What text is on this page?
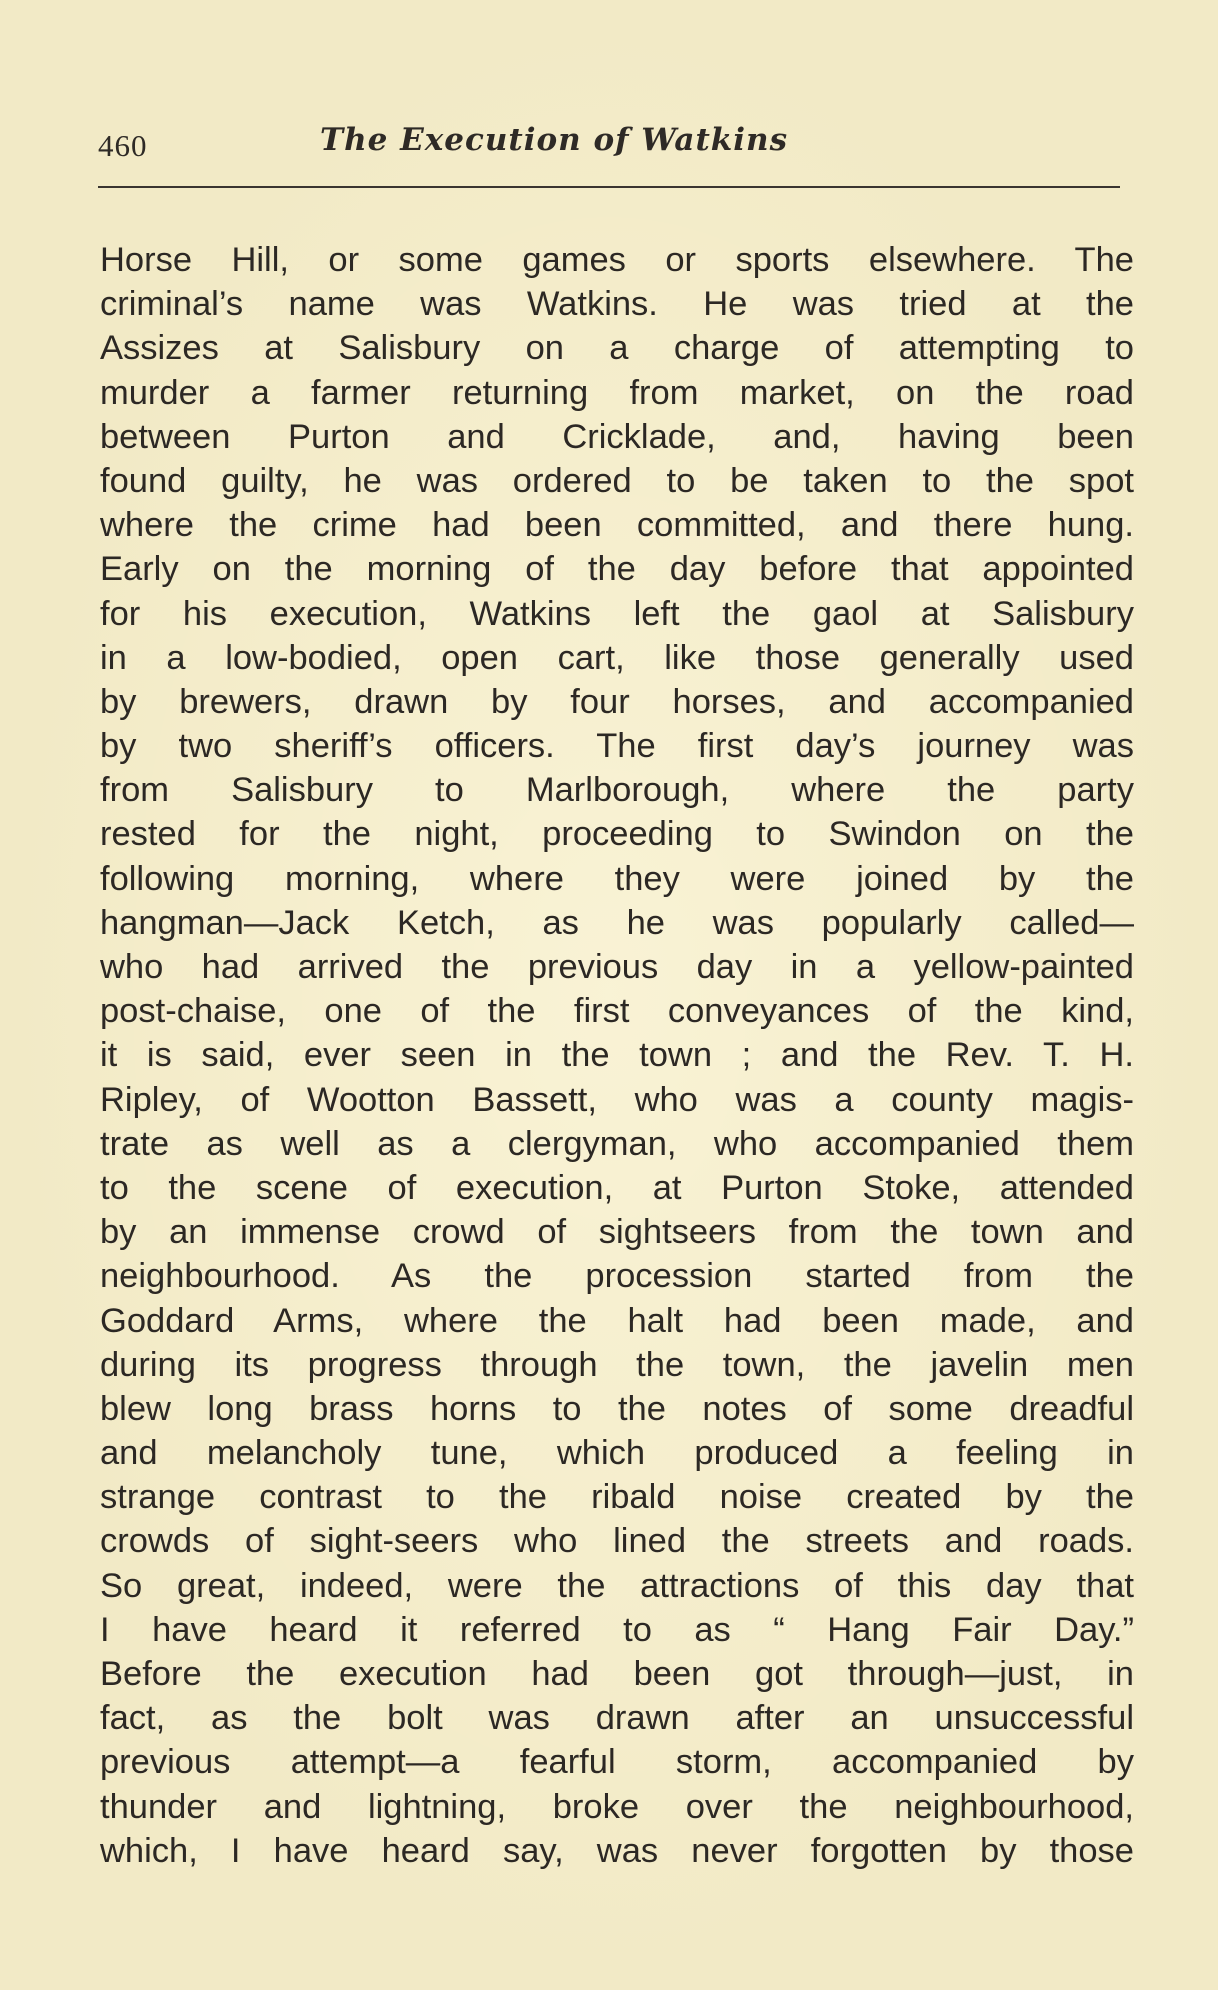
460	The Execution of Watkins
Horse Hill, or some games or sports elsewhere. The
criminal’s name was Watkins. He was tried at the
Assizes at Salisbury on a charge of attempting to
murder a farmer returning from market, on the road
between Purton and Cricklade, and, having been
found guilty, he was ordered to be taken to the spot
where the crime had been committed, and there hung.
Early on the morning of the day before that appointed
for his execution, Watkins left the gaol at Salisbury
in a low-bodied, open cart, like those generally used
by brewers, drawn by four horses, and accompanied
by two sheriff’s officers. The first day’s journey was
from Salisbury to Marlborough, where the party
rested for the night, proceeding to Swindon on the
following morning, where they were joined by the
hangman—Jack Ketch, as he was popularly called—
who had arrived the previous day in a yellow-painted
post-chaise, one of the first conveyances of the kind,
it is said, ever seen in the town ; and the Rev. T. H.
Ripley, of Wootton Bassett, who was a county magis-
trate as well as a clergyman, who accompanied them
to the scene of execution, at Purton Stoke, attended
by an immense crowd of sightseers from the town and
neighbourhood. As the procession started from the
Goddard Arms, where the halt had been made, and
during its progress through the town, the javelin men
blew long brass horns to the notes of some dreadful
and melancholy tune, which produced a feeling in
strange contrast to the ribald noise created by the
crowds of sight-seers who lined the streets and roads.
So great, indeed, were the attractions of this day that
I have heard it referred to as “ Hang Fair Day.”
Before the execution had been got through—just, in
fact, as the bolt was drawn after an unsuccessful
previous attempt—a fearful storm, accompanied by
thunder and lightning, broke over the neighbourhood,
which, I have heard say, was never forgotten by those
